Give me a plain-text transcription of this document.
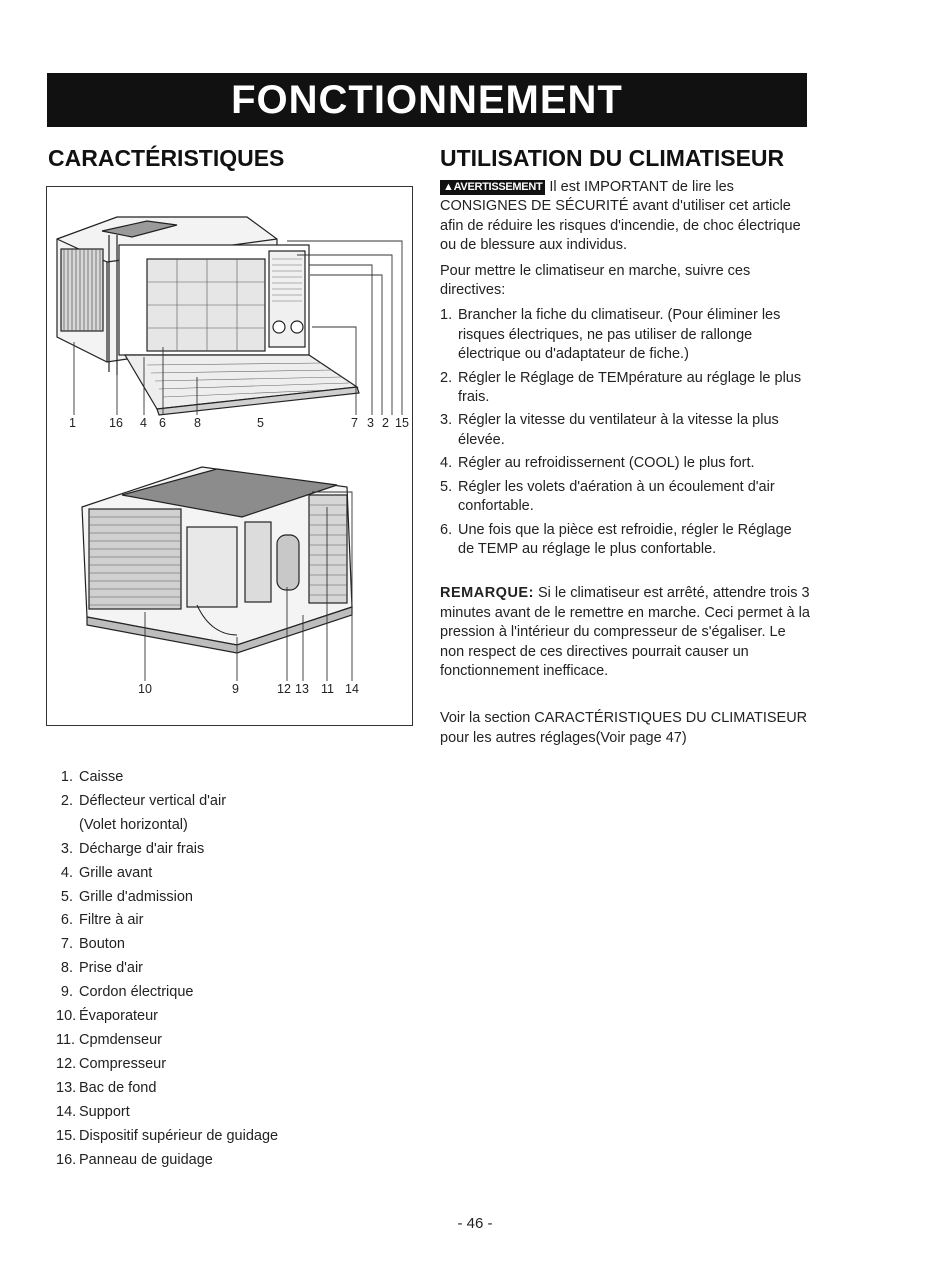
FONCTIONNEMENT
CARACTÉRISTIQUES	UTILISATION DU CLIMATISEUR
1	16 4 6 8	5	7 3 2 15
10	9	12 13 11 14
1. Caisse
2. Déflecteur vertical d'air
(Volet horizontal)
3. Décharge d'air frais
4. Grille avant
5. Grille d'admission
6. Filtre à air
7. Bouton
8. Prise d'air
9. Cordon électrique
10. Évaporateur
11. Cpmdenseur
12. Compresseur
13. Bac de fond
14. Support
15. Dispositif supérieur de guidage
16. Panneau de guidage

▲AVERTISSEMENT Il est IMPORTANT de lire les CONSIGNES DE SÉCURITÉ avant d'utiliser cet article afin de réduire les risques d'incendie, de choc électrique ou de blessure aux individus.

Pour mettre le climatiseur en marche, suivre ces directives:

1. Brancher la fiche du climatiseur. (Pour éliminer les risques électriques, ne pas utiliser de rallonge électrique ou d'adaptateur de fiche.)
2. Régler le Réglage de TEMpérature au réglage le plus frais.
3. Régler la vitesse du ventilateur à la vitesse la plus élevée.
4. Régler au refroidissernent (COOL) le plus fort.
5. Régler les volets d'aération à un écoulement d'air confortable.
6. Une fois que la pièce est refroidie, régler le Réglage de TEMP au réglage le plus confortable.

REMARQUE: Si le climatiseur est arrêté, attendre trois 3 minutes avant de le remettre en marche. Ceci permet à la pression à l'intérieur du compresseur de s'égaliser. Le non respect de ces directives pourrait causer un fonctionnement inefficace.

Voir la section CARACTÉRISTIQUES DU CLIMATISEUR pour les autres réglages(Voir page 47)

- 46 -
